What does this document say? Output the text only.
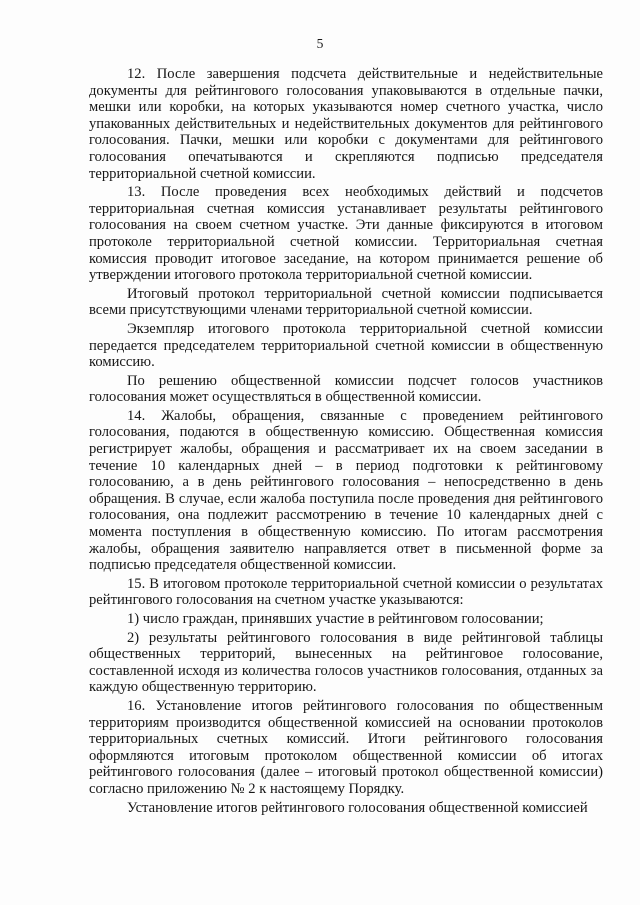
5

12. После завершения подсчета действительные и недействительные документы для рейтингового голосования упаковываются в отдельные пачки, мешки или коробки, на которых указываются номер счетного участка, число упакованных действительных и недействительных документов для рейтингового голосования. Пачки, мешки или коробки с документами для рейтингового голосования опечатываются и скрепляются подписью председателя территориальной счетной комиссии.

13. После проведения всех необходимых действий и подсчетов территориальная счетная комиссия устанавливает результаты рейтингового голосования на своем счетном участке. Эти данные фиксируются в итоговом протоколе территориальной счетной комиссии. Территориальная счетная комиссия проводит итоговое заседание, на котором принимается решение об утверждении итогового протокола территориальной счетной комиссии.

Итоговый протокол территориальной счетной комиссии подписывается всеми присутствующими членами территориальной счетной комиссии.

Экземпляр итогового протокола территориальной счетной комиссии передается председателем территориальной счетной комиссии в общественную комиссию.

По решению общественной комиссии подсчет голосов участников голосования может осуществляться в общественной комиссии.

14. Жалобы, обращения, связанные с проведением рейтингового голосования, подаются в общественную комиссию. Общественная комиссия регистрирует жалобы, обращения и рассматривает их на своем заседании в течение 10 календарных дней – в период подготовки к рейтинговому голосованию, а в день рейтингового голосования – непосредственно в день обращения. В случае, если жалоба поступила после проведения дня рейтингового голосования, она подлежит рассмотрению в течение 10 календарных дней с момента поступления в общественную комиссию. По итогам рассмотрения жалобы, обращения заявителю направляется ответ в письменной форме за подписью председателя общественной комиссии.

15. В итоговом протоколе территориальной счетной комиссии о результатах рейтингового голосования на счетном участке указываются:

1) число граждан, принявших участие в рейтинговом голосовании;

2) результаты рейтингового голосования в виде рейтинговой таблицы общественных территорий, вынесенных на рейтинговое голосование, составленной исходя из количества голосов участников голосования, отданных за каждую общественную территорию.

16. Установление итогов рейтингового голосования по общественным территориям производится общественной комиссией на основании протоколов территориальных счетных комиссий. Итоги рейтингового голосования оформляются итоговым протоколом общественной комиссии об итогах рейтингового голосования (далее – итоговый протокол общественной комиссии) согласно приложению № 2 к настоящему Порядку.

Установление итогов рейтингового голосования общественной комиссией
